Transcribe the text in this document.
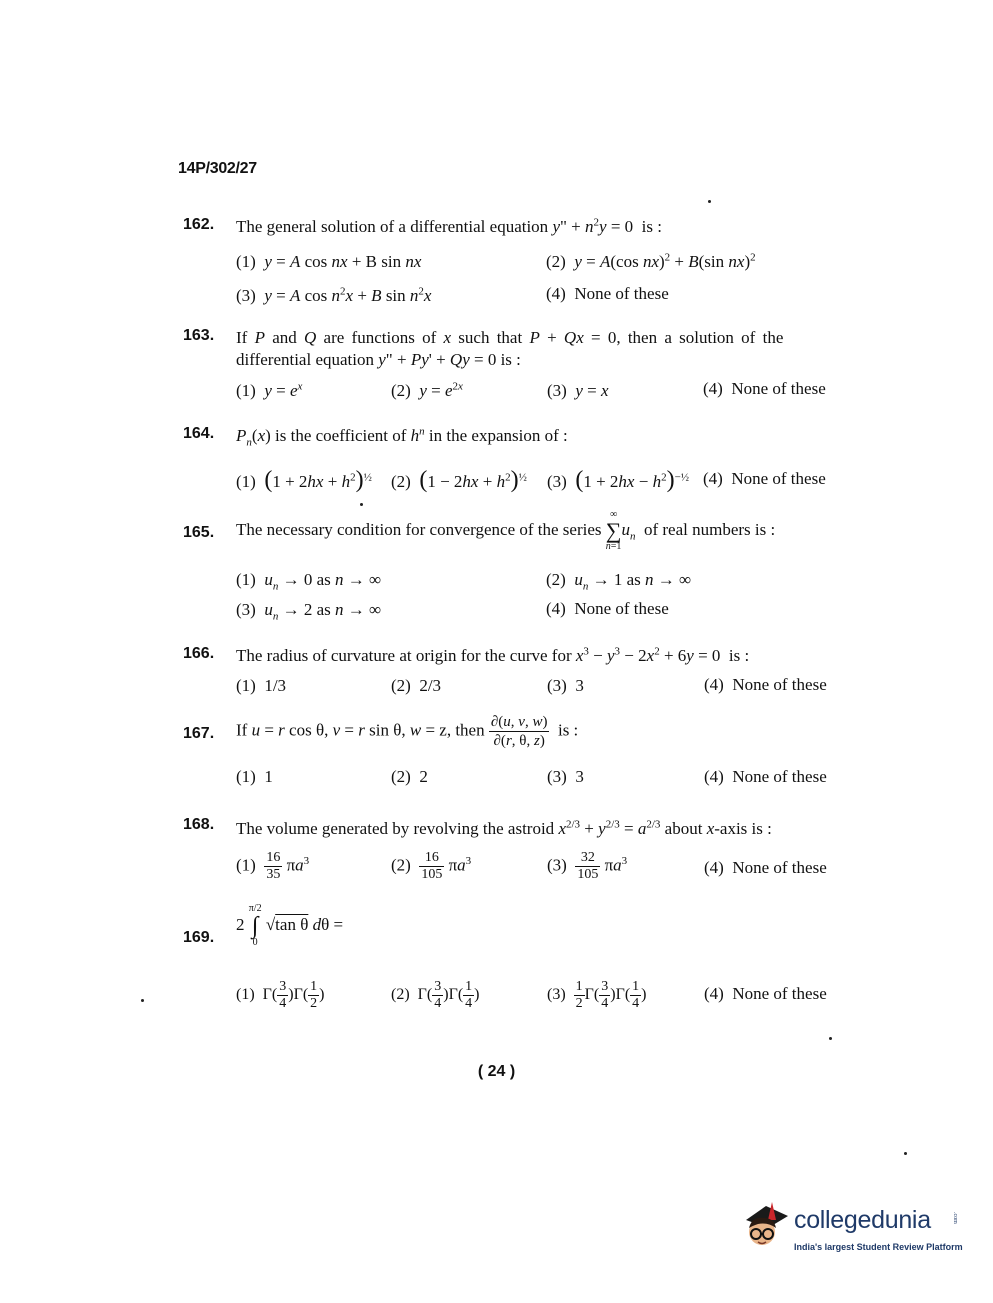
14P/302/27
162. The general solution of a differential equation y" + $n^2y = 0$  is :
(1)  y = A cos nx + B sin nx	(2)  y = A(cos nx)$^2$ + B(sin nx)$^2$
(3)  y = A $\cos n^2x + B$ $\sin n^2x$	(4)  None of these
163. If P and Q are functions of x such that P + Qx = 0, then a solution of the
differential equation y" + Py' + Qy = 0 is :
(1)  $y = e^x$	(2)  $y = e^{2x}$	(3)  y = x	(4)  None of these
164. $P_n(x)$ is the coefficient of $h^n$ in the expansion of :
(1)  $(1 + 2hx + h^2)^{\frac{1}{2}}$ (2)  $(1 - 2hx + h^2)^{\frac{1}{2}}$ (3)  $(1 + 2hx - h^2)^{-\frac{1}{2}}$ (4)  None of these
165. The necessary condition for convergence of the series
∞
∑
n=1
$u_n$  of real numbers is :
(1)  $u_n \to 0$ as n → ∞	(2)  $u_n \to 1$ as n → ∞
(3)  $u_n \to 2$ as n → ∞	(4)  None of these
166. The radius of curvature at origin for the curve for $x^3 - y^3 - 2x^2 + 6y = 0$  is :
(1)  1/3	(2)  2/3	(3)  3	(4)  None of these
167. If u = r cos θ, v = r sin θ, w = z, then $\frac{\partial(u, v, w)}{\partial(r, \theta, z)}$ is :
(1)  1	(2)  2	(3)  3	(4)  None of these
168. The volume generated by revolving the astroid $x^{2/3} + y^{2/3} = a^{2/3}$ about x-axis is :
$(1) \frac{16}{35} \pi a^3$	$(2) \frac{16}{105} \pi a^3$	$(3) \frac{32}{105} \pi a^3$	(4)  None of these
169.
2
π/2
∫
0
√tan θ dθ =
(1)  $\Gamma( \frac{3}{4} )\Gamma( \frac{1}{2}$ )	(2)  $\Gamma( \frac{3}{4} )\Gamma( \frac{1}{4}$ )	$(3) \frac{1}{2} \Gamma( \frac{3}{4} )\Gamma( \frac{1}{4}$ )	(4)  None of these
( 24 )
collegedunia	.com
India's largest Student Review Platform
